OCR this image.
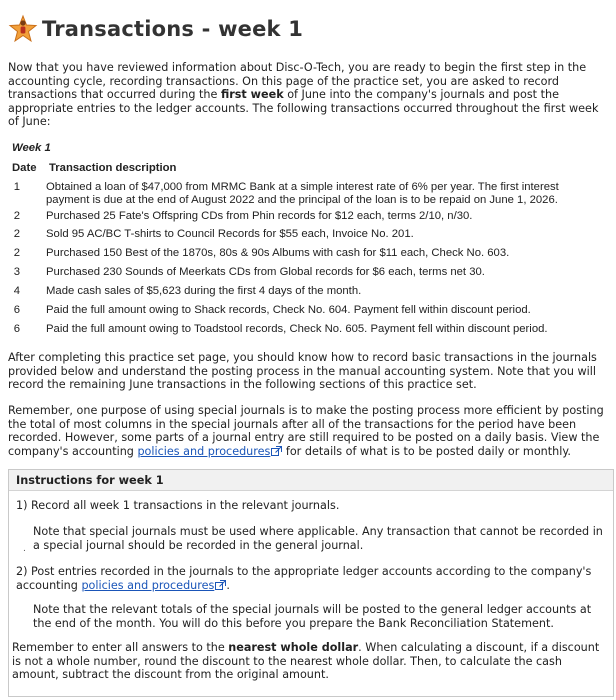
Transactions - week 1
Now that you have reviewed information about Disc-O-Tech, you are ready to begin the first step in the accounting cycle, recording transactions. On this page of the practice set, you are asked to record transactions that occurred during the first week of June into the company's journals and post the appropriate entries to the ledger accounts. The following transactions occurred throughout the first week of June:
Week 1
Date Transaction description
1 Obtained a loan of $47,000 from MRMC Bank at a simple interest rate of 6% per year. The first interest payment is due at the end of August 2022 and the principal of the loan is to be repaid on June 1, 2026.
2 Purchased 25 Fate's Offspring CDs from Phin records for $12 each, terms 2/10, n/30.
2 Sold 95 AC/BC T-shirts to Council Records for $55 each, Invoice No. 201.
2 Purchased 150 Best of the 1870s, 80s & 90s Albums with cash for $11 each, Check No. 603.
3 Purchased 230 Sounds of Meerkats CDs from Global records for $6 each, terms net 30.
4 Made cash sales of $5,623 during the first 4 days of the month.
6 Paid the full amount owing to Shack records, Check No. 604. Payment fell within discount period.
6 Paid the full amount owing to Toadstool records, Check No. 605. Payment fell within discount period.
After completing this practice set page, you should know how to record basic transactions in the journals provided below and understand the posting process in the manual accounting system. Note that you will record the remaining June transactions in the following sections of this practice set.
Remember, one purpose of using special journals is to make the posting process more efficient by posting the total of most columns in the special journals after all of the transactions for the period have been recorded. However, some parts of a journal entry are still required to be posted on a daily basis. View the company's accounting policies and procedures for details of what is to be posted daily or monthly.
Instructions for week 1
1) Record all week 1 transactions in the relevant journals.
Note that special journals must be used where applicable. Any transaction that cannot be recorded in a special journal should be recorded in the general journal.
.
2) Post entries recorded in the journals to the appropriate ledger accounts according to the company's accounting policies and procedures .
Note that the relevant totals of the special journals will be posted to the general ledger accounts at the end of the month. You will do this before you prepare the Bank Reconciliation Statement.
Remember to enter all answers to the nearest whole dollar. When calculating a discount, if a discount is not a whole number, round the discount to the nearest whole dollar. Then, to calculate the cash amount, subtract the discount from the original amount.
